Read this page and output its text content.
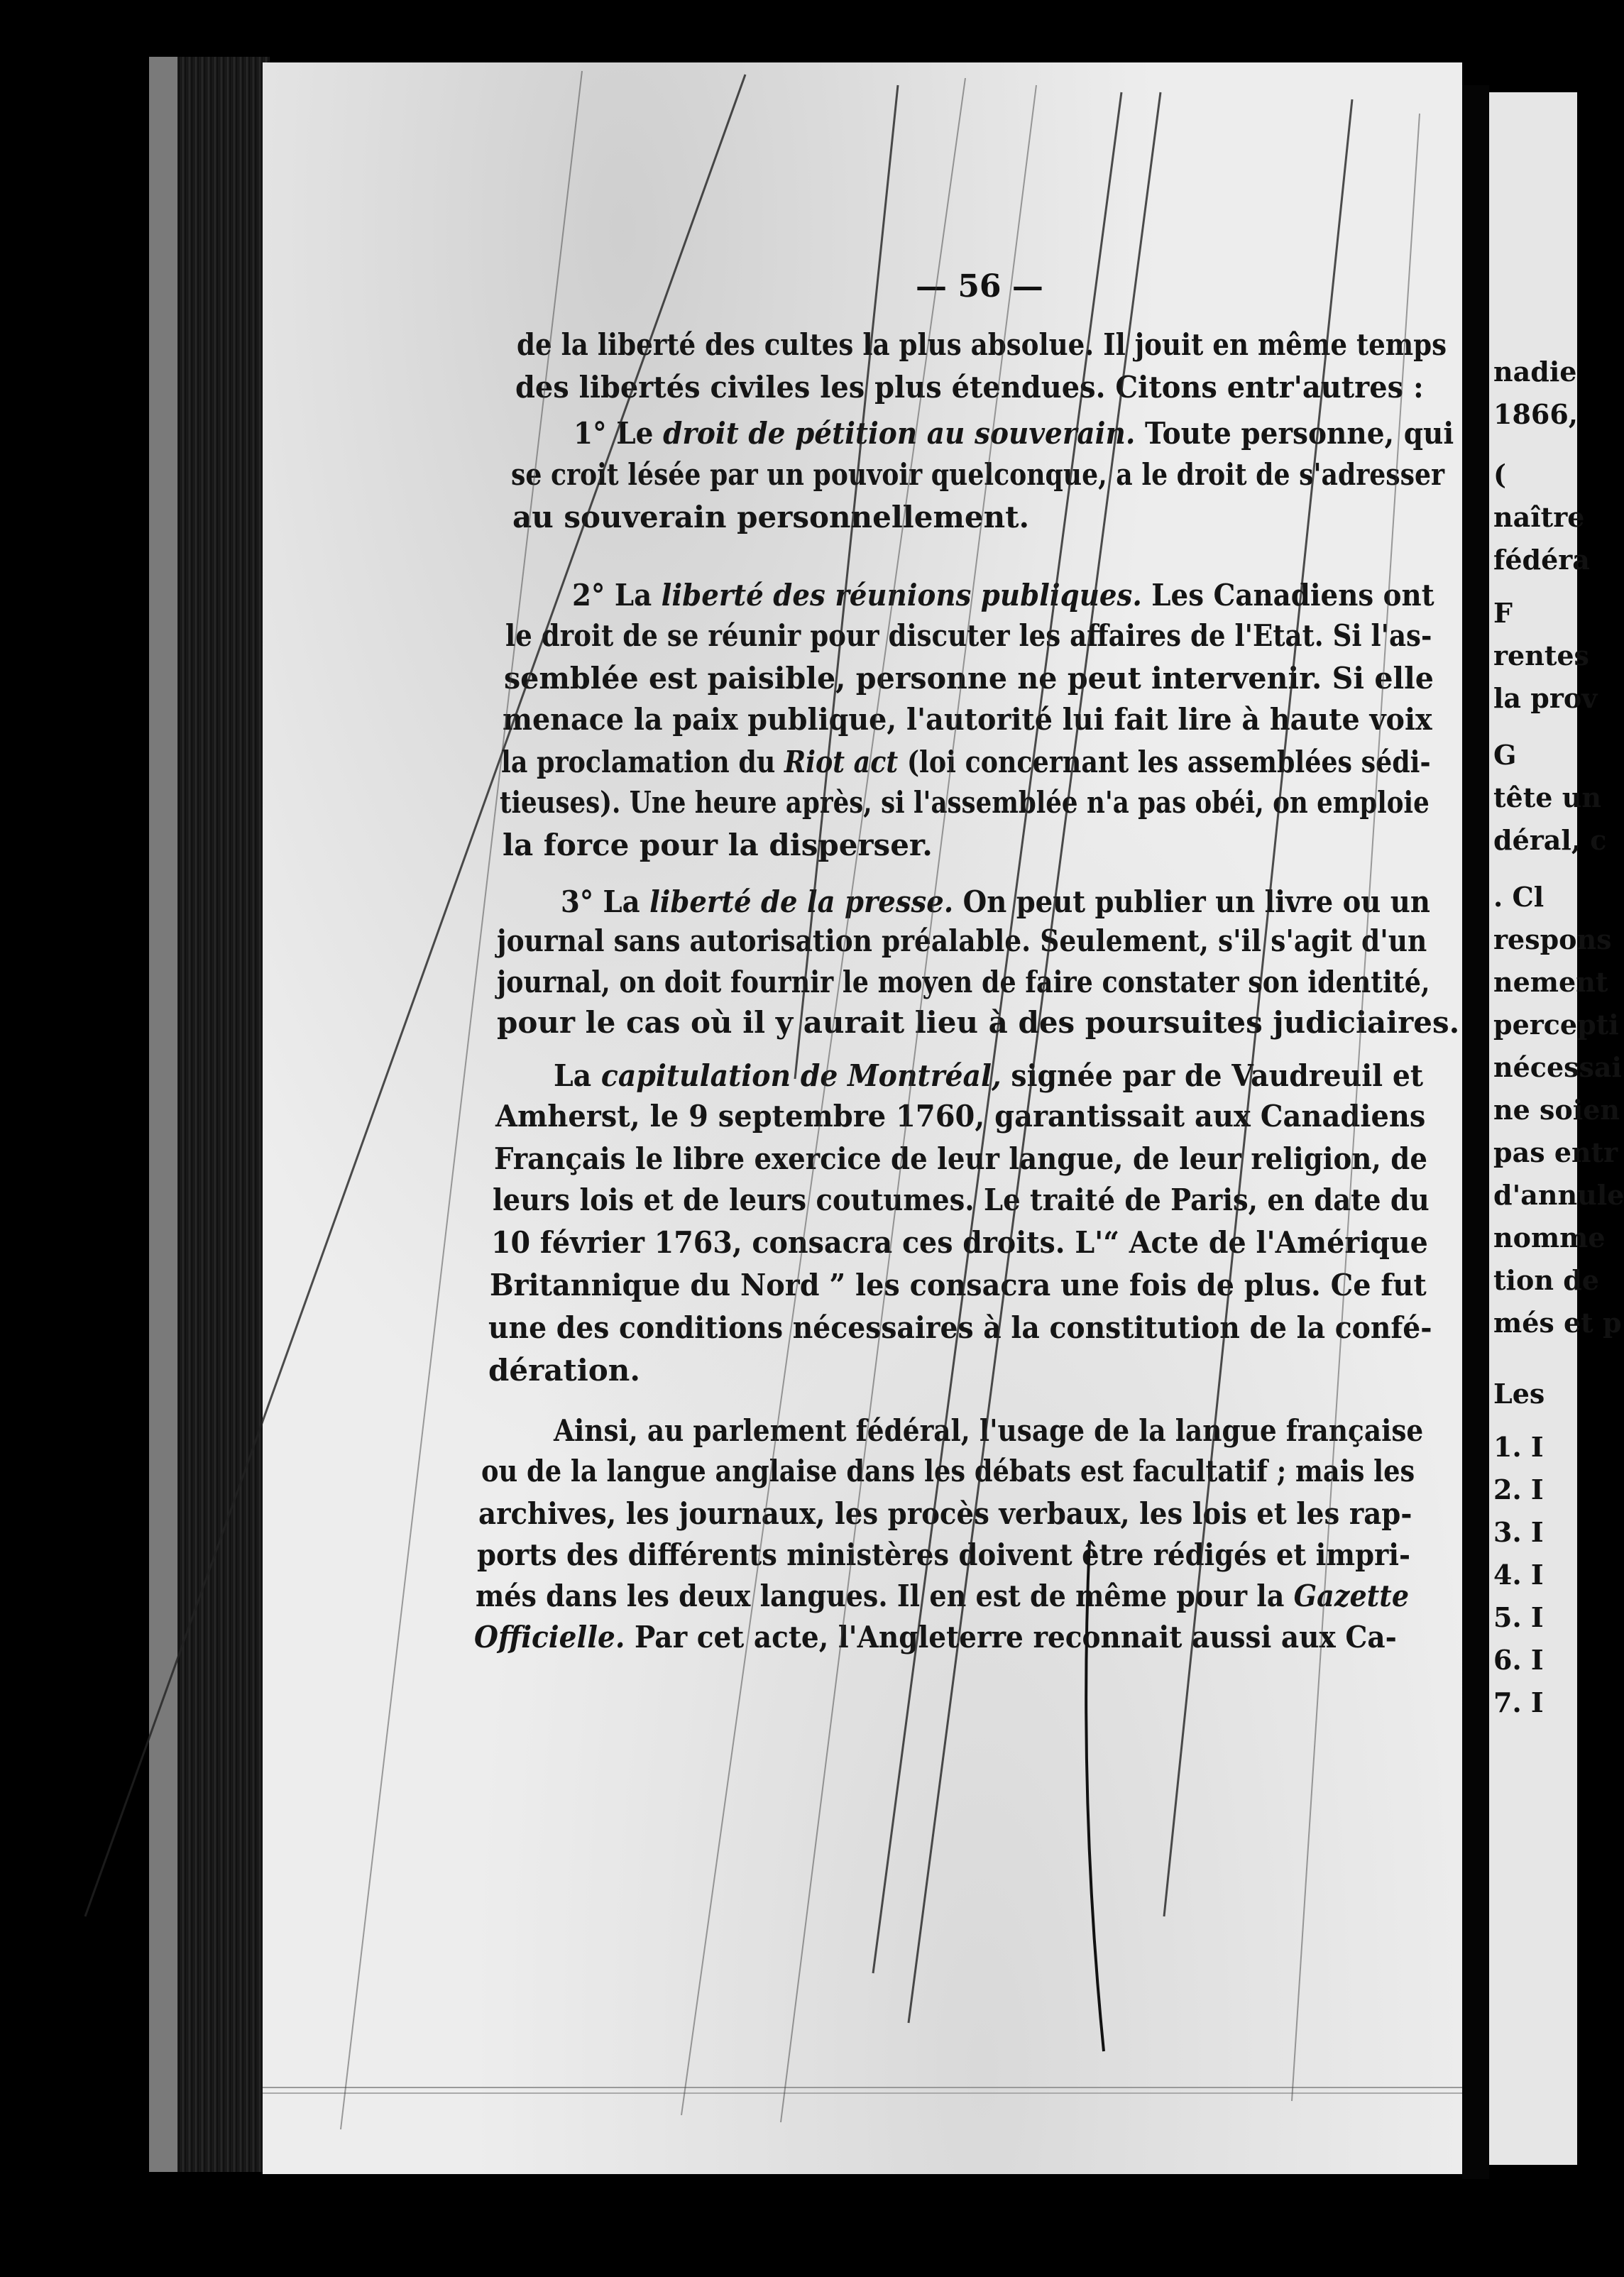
nadie
1866,
(
naître
fédéra
F
rentes
la prov
G
tête un
déral, c
. Cl
respons
nement
percepti
nécessai
ne soien
pas entr
d'annule
nomme
tion de
més et p
Les
1. I
2. I
3. I
4. I
5. I
6. I
7. I
— 56 —
de la liberté des cultes la plus absolue. Il jouit en même temps
des libertés civiles les plus étendues. Citons entr'autres :
1° Le droit de pétition au souverain. Toute personne, qui
se croit lésée par un pouvoir quelconque, a le droit de s'adresser
au souverain personnellement.
2° La liberté des réunions publiques. Les Canadiens ont
le droit de se réunir pour discuter les affaires de l'Etat. Si l'as-
semblée est paisible, personne ne peut intervenir. Si elle
menace la paix publique, l'autorité lui fait lire à haute voix
la proclamation du Riot act (loi concernant les assemblées sédi-
tieuses). Une heure après, si l'assemblée n'a pas obéi, on emploie
la force pour la disperser.
3° La liberté de la presse. On peut publier un livre ou un
journal sans autorisation préalable. Seulement, s'il s'agit d'un
journal, on doit fournir le moyen de faire constater son identité,
pour le cas où il y aurait lieu à des poursuites judiciaires.
La capitulation de Montréal, signée par de Vaudreuil et
Amherst, le 9 septembre 1760, garantissait aux Canadiens
Français le libre exercice de leur langue, de leur religion, de
leurs lois et de leurs coutumes. Le traité de Paris, en date du
10 février 1763, consacra ces droits. L'“ Acte de l'Amérique
Britannique du Nord ” les consacra une fois de plus. Ce fut
une des conditions nécessaires à la constitution de la confé-
dération.
Ainsi, au parlement fédéral, l'usage de la langue française
ou de la langue anglaise dans les débats est facultatif ; mais les
archives, les journaux, les procès verbaux, les lois et les rap-
ports des différents ministères doivent être rédigés et impri-
més dans les deux langues. Il en est de même pour la Gazette
Officielle. Par cet acte, l'Angleterre reconnait aussi aux Ca-
